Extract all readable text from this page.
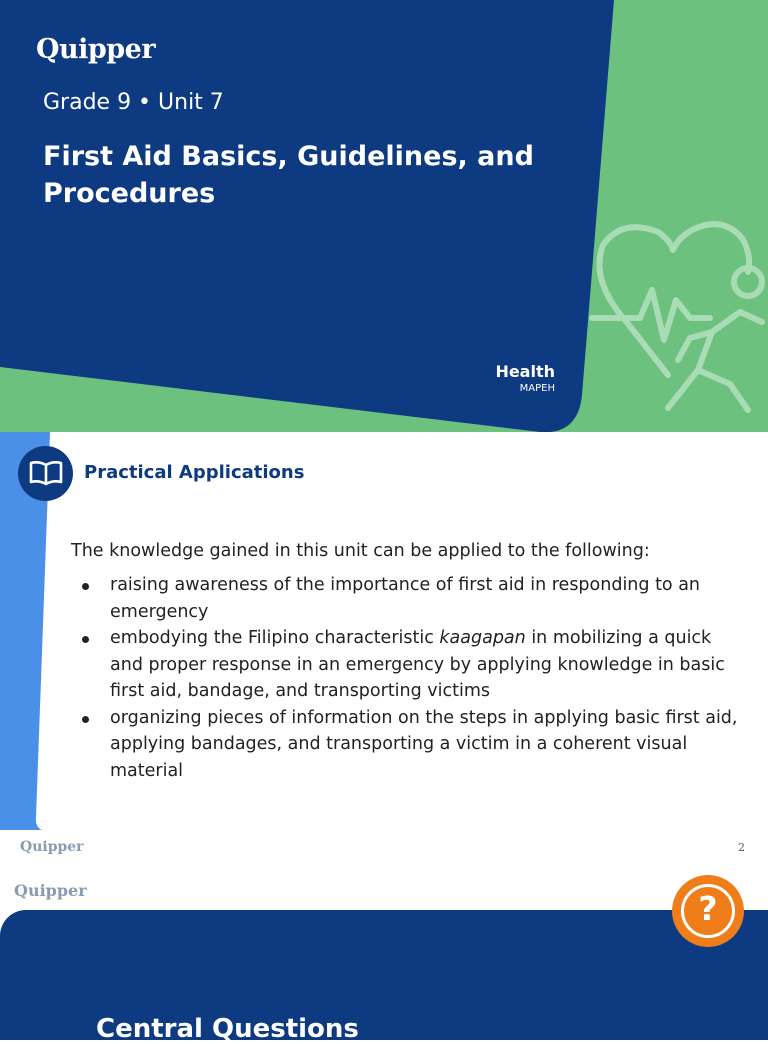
Quipper
Grade 9 • Unit 7
First Aid Basics, Guidelines, and Procedures
Health
MAPEH
Practical Applications
The knowledge gained in this unit can be applied to the following:
raising awareness of the importance of first aid in responding to an emergency
embodying the Filipino characteristic kaagapan in mobilizing a quick and proper response in an emergency by applying knowledge in basic first aid, bandage, and transporting victims
organizing pieces of information on the steps in applying basic first aid, applying bandages, and transporting a victim in a coherent visual material
Quipper	2
Quipper	?
Central Questions
